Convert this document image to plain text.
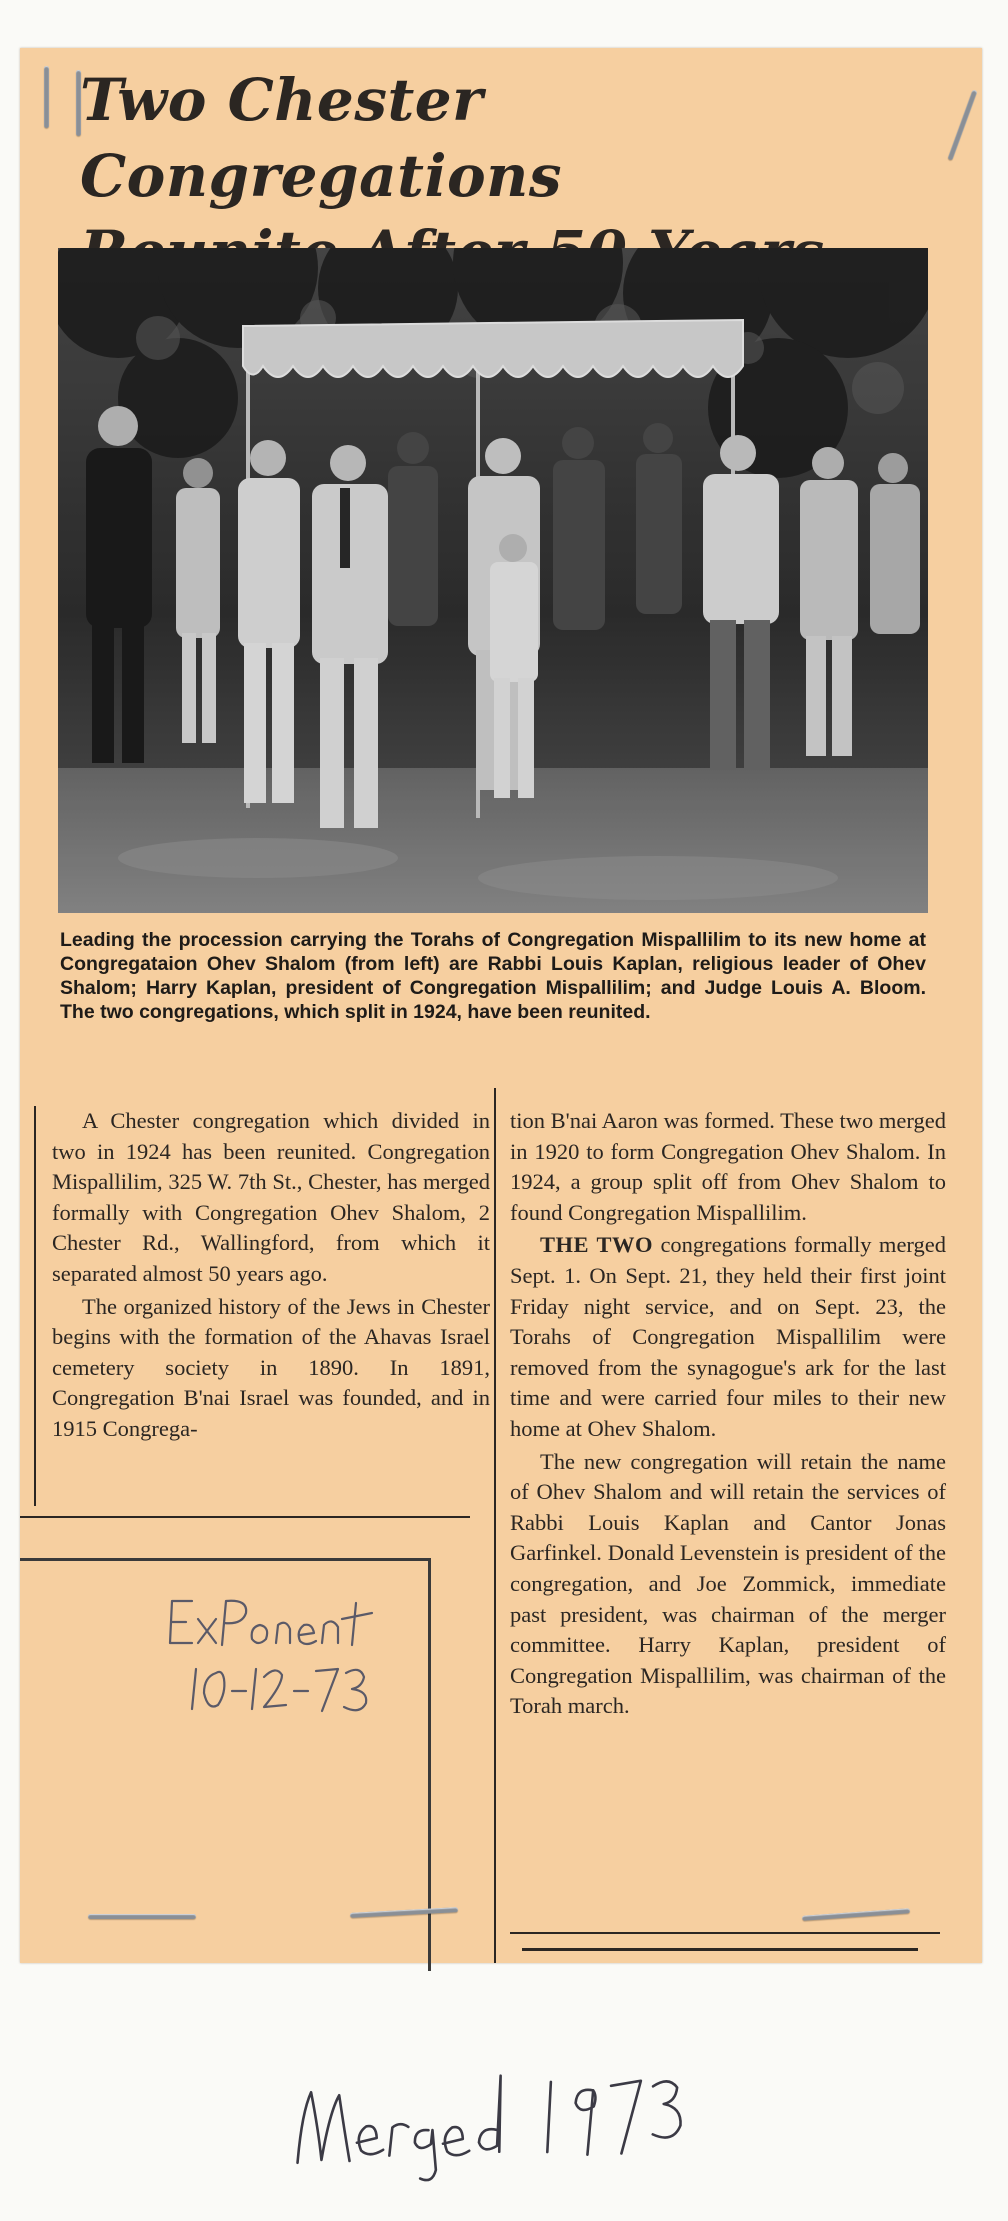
Two Chester Congregations

Leading the procession carrying the Torahs of Congregation Mispallilim to its new home at Congregataion Ohev Shalom (from left) are Rabbi Louis Kaplan, religious leader of Ohev Shalom; Harry Kaplan, president of Congregation Mispallilim; and Judge Louis A. Bloom. The two congregations, which split in 1924, have been reunited.

A Chester congregation which divided in two in 1924 has been reunited. Congregation Mispallilim, 325 W. 7th St., Chester, has merged formally with Congregation Ohev Shalom, 2 Chester Rd., Wallingford, from which it separated almost 50 years ago.

The organized history of the Jews in Chester begins with the formation of the Ahavas Israel cemetery society in 1890. In 1891, Congregation B'nai Israel was founded, and in 1915 Congrega-

tion B'nai Aaron was formed. These two merged in 1920 to form Congregation Ohev Shalom. In 1924, a group split off from Ohev Shalom to found Congregation Mispallilim.

THE TWO congregations formally merged Sept. 1. On Sept. 21, they held their first joint Friday night service, and on Sept. 23, the Torahs of Congregation Mispallilim were removed from the synagogue's ark for the last time and were carried four miles to their new home at Ohev Shalom.

The new congregation will retain the name of Ohev Shalom and will retain the services of Rabbi Louis Kaplan and Cantor Jonas Garfinkel. Donald Levenstein is president of the congregation, and Joe Zommick, immediate past president, was chairman of the merger committee. Harry Kaplan, president of Congregation Mispallilim, was chairman of the Torah march.
